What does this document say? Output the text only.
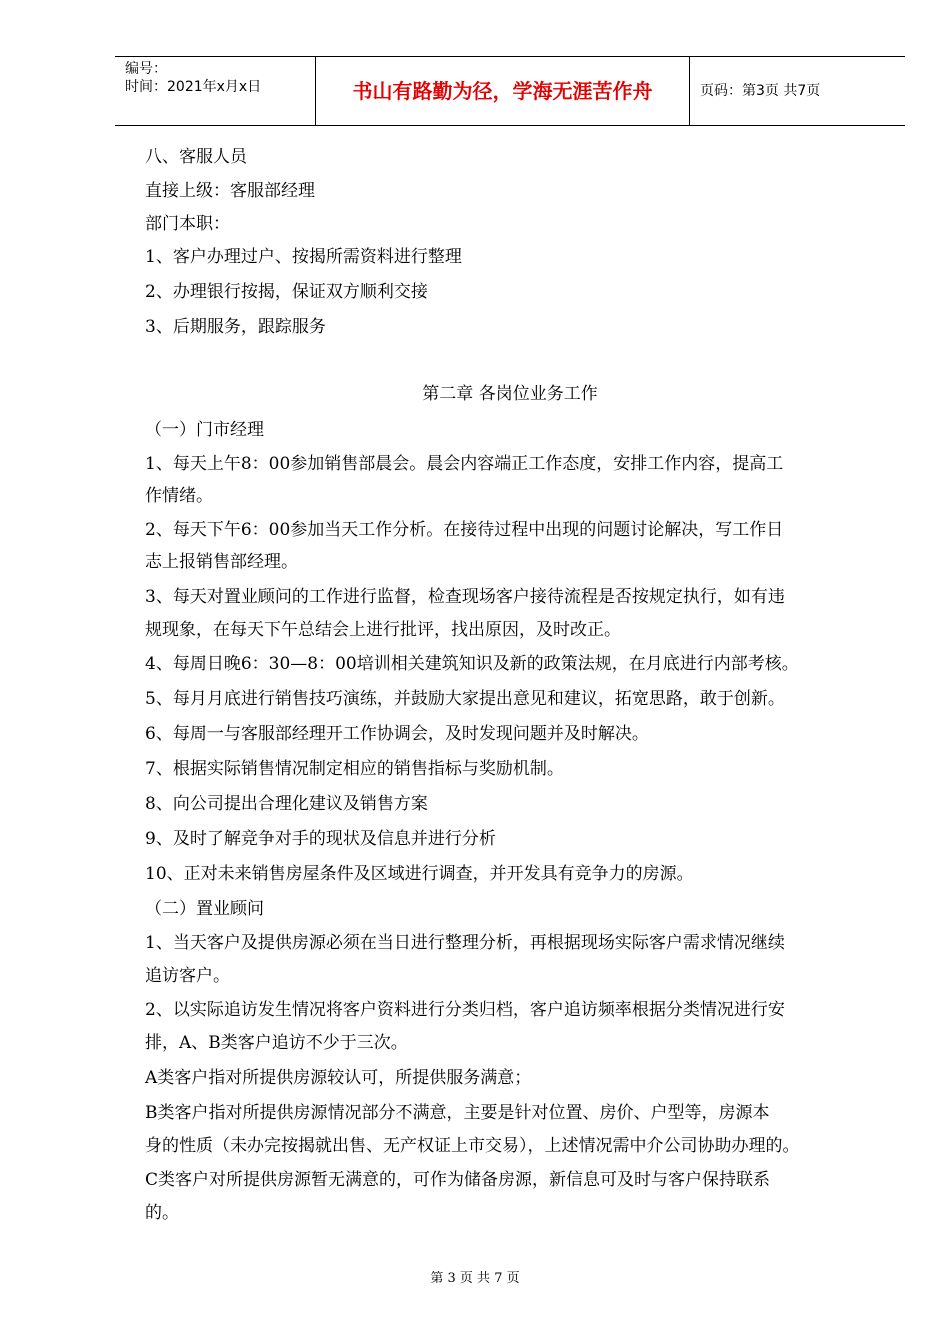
编号：
时间：2021年x月x日	书山有路勤为径，学海无涯苦作舟	页码：第3页 共7页
八、客服人员
直接上级：客服部经理
部门本职：
1、客户办理过户、按揭所需资料进行整理
2、办理银行按揭，保证双方顺利交接
3、后期服务，跟踪服务
第二章 各岗位业务工作
（一）门市经理
1、每天上午8：00参加销售部晨会。晨会内容端正工作态度，安排工作内容，提高工
作情绪。
2、每天下午6：00参加当天工作分析。在接待过程中出现的问题讨论解决，写工作日
志上报销售部经理。
3、每天对置业顾问的工作进行监督，检查现场客户接待流程是否按规定执行，如有违
规现象，在每天下午总结会上进行批评，找出原因，及时改正。
4、每周日晚6：30—8：00培训相关建筑知识及新的政策法规，在月底进行内部考核。
5、每月月底进行销售技巧演练，并鼓励大家提出意见和建议，拓宽思路，敢于创新。
6、每周一与客服部经理开工作协调会，及时发现问题并及时解决。
7、根据实际销售情况制定相应的销售指标与奖励机制。
8、向公司提出合理化建议及销售方案
9、及时了解竞争对手的现状及信息并进行分析
10、正对未来销售房屋条件及区域进行调查，并开发具有竞争力的房源。
（二）置业顾问
1、当天客户及提供房源必须在当日进行整理分析，再根据现场实际客户需求情况继续
追访客户。
2、以实际追访发生情况将客户资料进行分类归档，客户追访频率根据分类情况进行安
排，A、B类客户追访不少于三次。
A类客户指对所提供房源较认可，所提供服务满意；
B类客户指对所提供房源情况部分不满意，主要是针对位置、房价、户型等，房源本
身的性质（未办完按揭就出售、无产权证上市交易），上述情况需中介公司协助办理的。
C类客户对所提供房源暂无满意的，可作为储备房源，新信息可及时与客户保持联系
的。
第 3 页 共 7 页
